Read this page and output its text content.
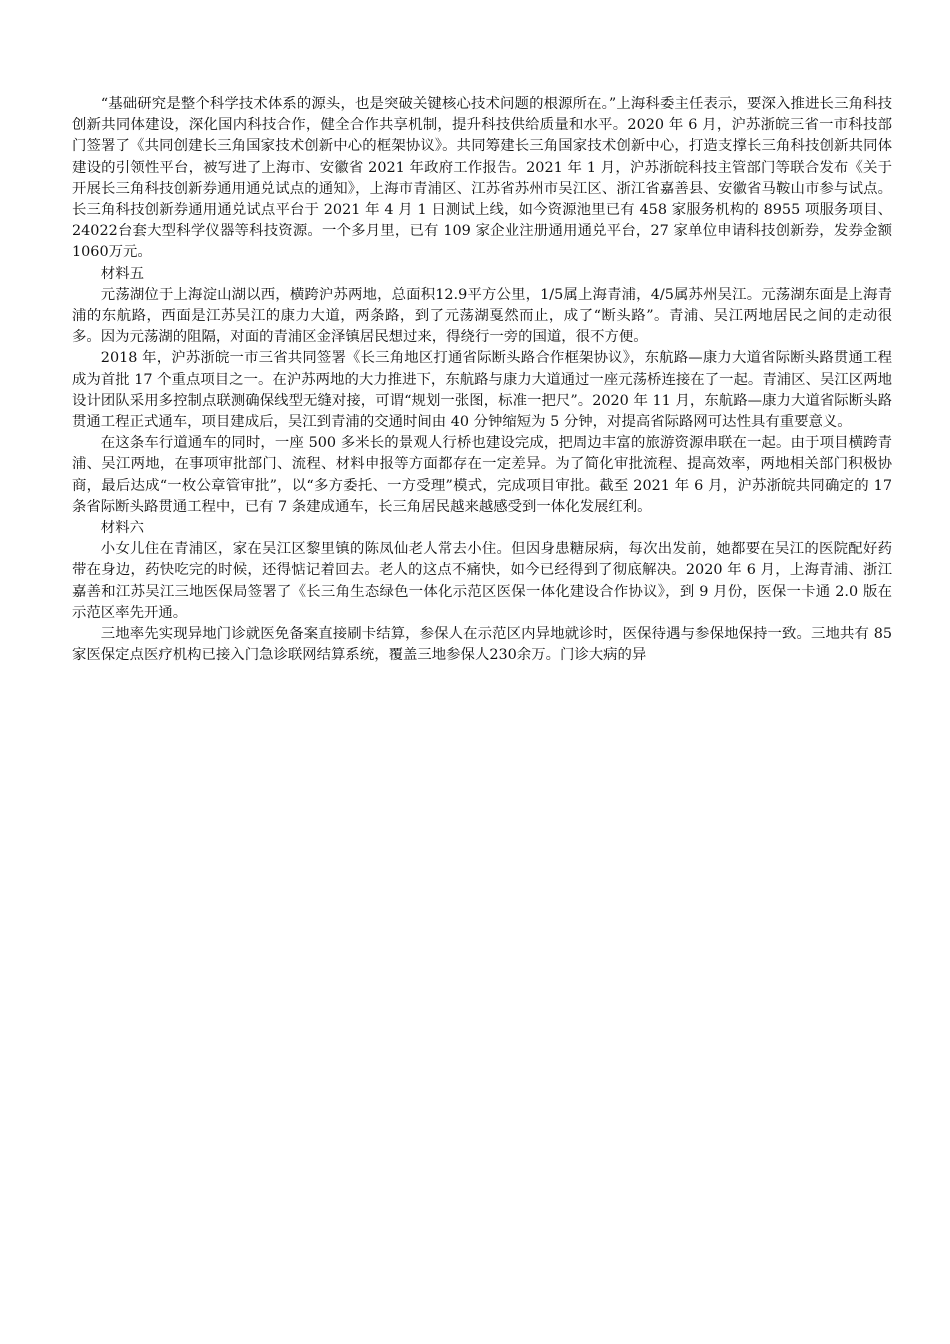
“基础研究是整个科学技术体系的源头，也是突破关键核心技术问题的根源所在。”上海科委主任表示，要深入推进长三角科技创新共同体建设，深化国内科技合作，健全合作共享机制，提升科技供给质量和水平。2020 年 6 月，沪苏浙皖三省一市科技部门签署了《共同创建长三角国家技术创新中心的框架协议》。共同筹建长三角国家技术创新中心，打造支撑长三角科技创新共同体建设的引领性平台，被写进了上海市、安徽省 2021 年政府工作报告。2021 年 1 月，沪苏浙皖科技主管部门等联合发布《关于开展长三角科技创新券通用通兑试点的通知》，上海市青浦区、江苏省苏州市吴江区、浙江省嘉善县、安徽省马鞍山市参与试点。长三角科技创新券通用通兑试点平台于 2021 年 4 月 1 日测试上线，如今资源池里已有 458 家服务机构的 8955 项服务项目、24022台套大型科学仪器等科技资源。一个多月里，已有 109 家企业注册通用通兑平台，27 家单位申请科技创新券，发券金额 1060万元。

材料五

元荡湖位于上海淀山湖以西，横跨沪苏两地，总面积12.9平方公里，1/5属上海青浦，4/5属苏州吴江。元荡湖东面是上海青浦的东航路，西面是江苏吴江的康力大道，两条路，到了元荡湖戛然而止，成了“断头路”。青浦、吴江两地居民之间的走动很多。因为元荡湖的阻隔，对面的青浦区金泽镇居民想过来，得绕行一旁的国道，很不方便。

2018 年，沪苏浙皖一市三省共同签署《长三角地区打通省际断头路合作框架协议》，东航路—康力大道省际断头路贯通工程成为首批 17 个重点项目之一。在沪苏两地的大力推进下，东航路与康力大道通过一座元荡桥连接在了一起。青浦区、吴江区两地设计团队采用多控制点联测确保线型无缝对接，可谓“规划一张图，标准一把尺”。2020 年 11 月，东航路—康力大道省际断头路贯通工程正式通车，项目建成后，吴江到青浦的交通时间由 40 分钟缩短为 5 分钟，对提高省际路网可达性具有重要意义。

在这条车行道通车的同时，一座 500 多米长的景观人行桥也建设完成，把周边丰富的旅游资源串联在一起。由于项目横跨青浦、吴江两地，在事项审批部门、流程、材料申报等方面都存在一定差异。为了简化审批流程、提高效率，两地相关部门积极协商，最后达成“一枚公章管审批”，以“多方委托、一方受理”模式，完成项目审批。截至 2021 年 6 月，沪苏浙皖共同确定的 17 条省际断头路贯通工程中，已有 7 条建成通车，长三角居民越来越感受到一体化发展红利。

材料六

小女儿住在青浦区，家在吴江区黎里镇的陈凤仙老人常去小住。但因身患糖尿病，每次出发前，她都要在吴江的医院配好药带在身边，药快吃完的时候，还得惦记着回去。老人的这点不痛快，如今已经得到了彻底解决。2020 年 6 月，上海青浦、浙江嘉善和江苏吴江三地医保局签署了《长三角生态绿色一体化示范区医保一体化建设合作协议》，到 9 月份，医保一卡通 2.0 版在示范区率先开通。

三地率先实现异地门诊就医免备案直接刷卡结算，参保人在示范区内异地就诊时，医保待遇与参保地保持一致。三地共有 85 家医保定点医疗机构已接入门急诊联网结算系统，覆盖三地参保人230余万。门诊大病的异
